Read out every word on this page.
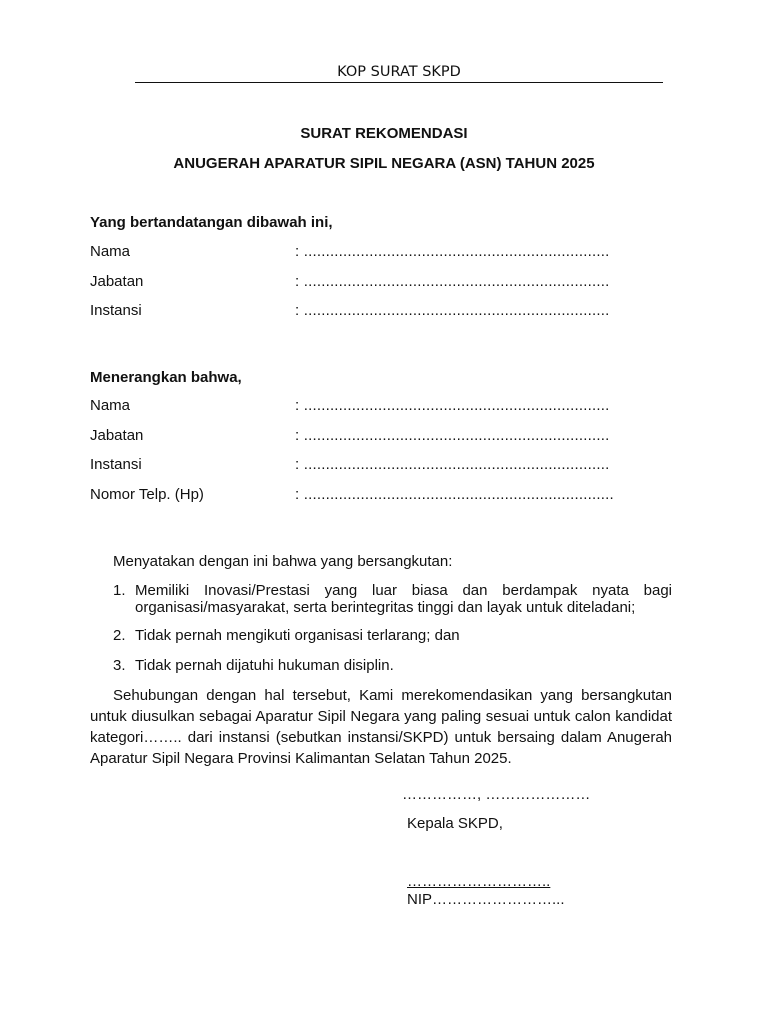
KOP SURAT SKPD
SURAT REKOMENDASI
ANUGERAH APARATUR SIPIL NEGARA (ASN) TAHUN 2025
Yang bertandatangan dibawah ini,
Nama	: ......................................................................
Jabatan	: ......................................................................
Instansi	: ......................................................................
Menerangkan bahwa,
Nama	: ......................................................................
Jabatan	: ......................................................................
Instansi	: ......................................................................
Nomor Telp. (Hp)	: .......................................................................
Menyatakan dengan ini bahwa yang bersangkutan:
1. Memiliki Inovasi/Prestasi yang luar biasa dan berdampak nyata bagi
organisasi/masyarakat, serta berintegritas tinggi dan layak untuk diteladani;
2. Tidak pernah mengikuti organisasi terlarang; dan
3. Tidak pernah dijatuhi hukuman disiplin.
Sehubungan dengan hal tersebut, Kami merekomendasikan yang bersangkutan untuk diusulkan sebagai Aparatur Sipil Negara yang paling sesuai untuk calon kandidat kategori…….. dari instansi (sebutkan instansi/SKPD) untuk bersaing dalam Anugerah Aparatur Sipil Negara Provinsi Kalimantan Selatan Tahun 2025.
……………, …………………
Kepala SKPD,
………………………..
NIP……………………...
